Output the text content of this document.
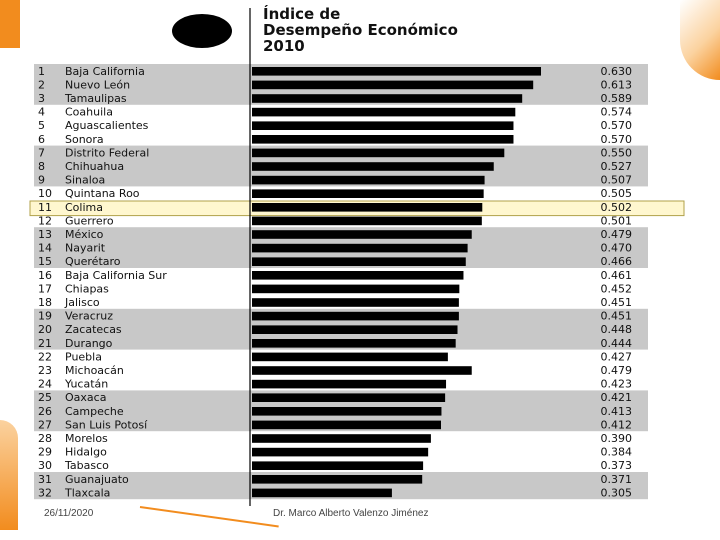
Índice de
Desempeño Económico
2010
1 Baja California	0.630
2 Nuevo León	0.613
3 Tamaulipas	0.589
4 Coahuila	0.574
5 Aguascalientes	0.570
6 Sonora	0.570
7 Distrito Federal	0.550
8 Chihuahua	0.527
9 Sinaloa	0.507
10 Quintana Roo	0.505
11 Colima	0.502
12 Guerrero	0.501
13 México	0.479
14 Nayarit	0.470
15 Querétaro	0.466
16 Baja California Sur	0.461
17 Chiapas	0.452
18 Jalisco	0.451
19 Veracruz	0.451
20 Zacatecas	0.448
21 Durango	0.444
22 Puebla	0.427
23 Michoacán	0.479
24 Yucatán	0.423
25 Oaxaca	0.421
26 Campeche	0.413
27 San Luis Potosí	0.412
28 Morelos	0.390
29 Hidalgo	0.384
30 Tabasco	0.373
31 Guanajuato	0.371
32 Tlaxcala	0.305
26/11/2020	Dr. Marco Alberto Valenzo Jiménez
